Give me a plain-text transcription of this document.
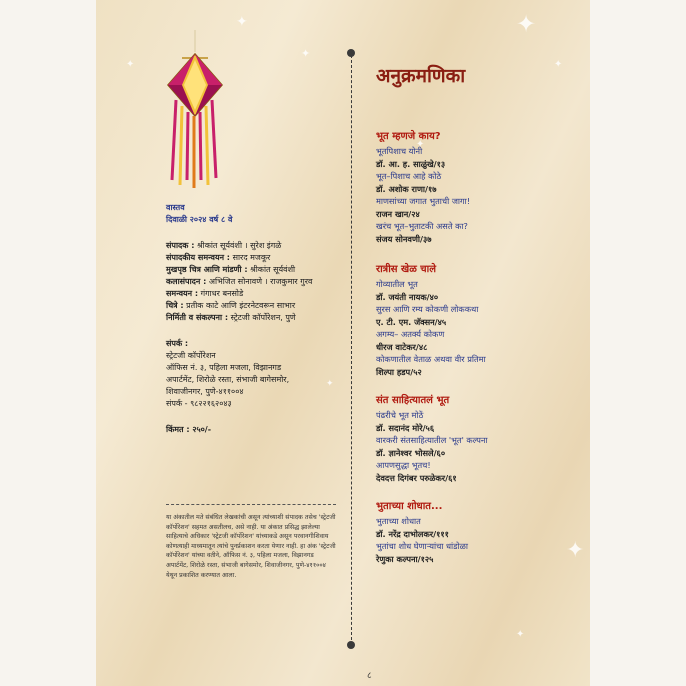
✦
✦
✦
✦
✦
✦
✦
✦
✦
वास्तव
दिवाळी २०२४ वर्ष ८ वे
संपादक : श्रीकांत सूर्यवंशी । सुरेश इंगळे
संपादकीय समन्वयन : सारद मजकूर
मुखपृष्ठ चित्र आणि मांडणी : श्रीकांत सूर्यवंशी
कलासंपादन : अभिजित सोनावणे । राजकुमार गुरव
समन्वयन : गंगाधर बनसोडे
चित्रे : प्रतीक काटे आणि इंटरनेटवरून साभार
निर्मिती व संकल्पना : स्ट्रेटजी कॉर्पोरेशन, पुणे
संपर्क :
स्ट्रेटजी कॉर्पोरेशन
ऑफिस नं. ३, पहिला मजला, विझानगड
अपार्टमेंट, शिरोळे रस्ता, संभाजी बागेसमोर,
शिवाजीनगर, पुणे-४११००४
संपर्क - ९८२२१६२०४३
किंमत : २५०/-
या अंकातील मते संबंधित लेखकांची असून त्यांच्याशी संपादक तसेच 'स्ट्रेटजी कॉर्पोरेशन' सहमत असतीलच, असे नाही. या अंकात प्रसिद्ध झालेल्या साहित्याचे अधिकार 'स्ट्रेटजी कॉर्पोरेशन' यांच्याकडे असून परवानगीशिवाय कोणत्याही माध्यमातून त्यांचे पुनर्प्रकाशन करता येणार नाही. हा अंक 'स्ट्रेटजी कॉर्पोरेशन' यांच्या वतीने, ऑफिस नं. ३, पहिला मजला, विझानगड अपार्टमेंट, शिरोळे रस्ता, संभाजी बागेसमोर, शिवाजीनगर, पुणे-४११००४ येथून प्रकाशित करण्यात आला.
अनुक्रमणिका
भूत म्हणजे काय?
भूतपिशाच योनी
डॉ. आ. ह. साळुंखे/१३
भूत–पिशाच आहे कोठे
डॉ. अशोक राणा/१७
माणसांच्या जगात भुताची जागा!
राजन खान/२४
खरंच भूत–भुताटकी असते का?
संजय सोनवणी/३७
रात्रीस खेळ चाले
गोव्यातील भूत
डॉ. जयंती नायक/४०
सुरस आणि रम्य कोकणी लोककथा
ए. टी. एम. जॅक्सन/४५
अगम्य– अतर्क्य कोकण
धीरज वाटेकर/४८
कोकणातील वेताळ अथवा वीर प्रतिमा
शिल्पा हडप/५२
संत साहित्यातलं भूत
पंढरीचे भूत मोठें
डॉ. सदानंद मोरे/५६
वारकरी संतसाहित्यातील 'भूत' कल्पना
डॉ. ज्ञानेश्वर भोसले/६०
आपणसुद्धा भूतच!
देवदत्त दिगंबर परुळेकर/६१
भुताच्या शोधात...
भुताच्या शोधात
डॉ. नरेंद्र दाभोलकर/१११
भुतांचा शोध घेणाऱ्यांचा धांडोळा
रेणुका कल्पना/१२५
८
